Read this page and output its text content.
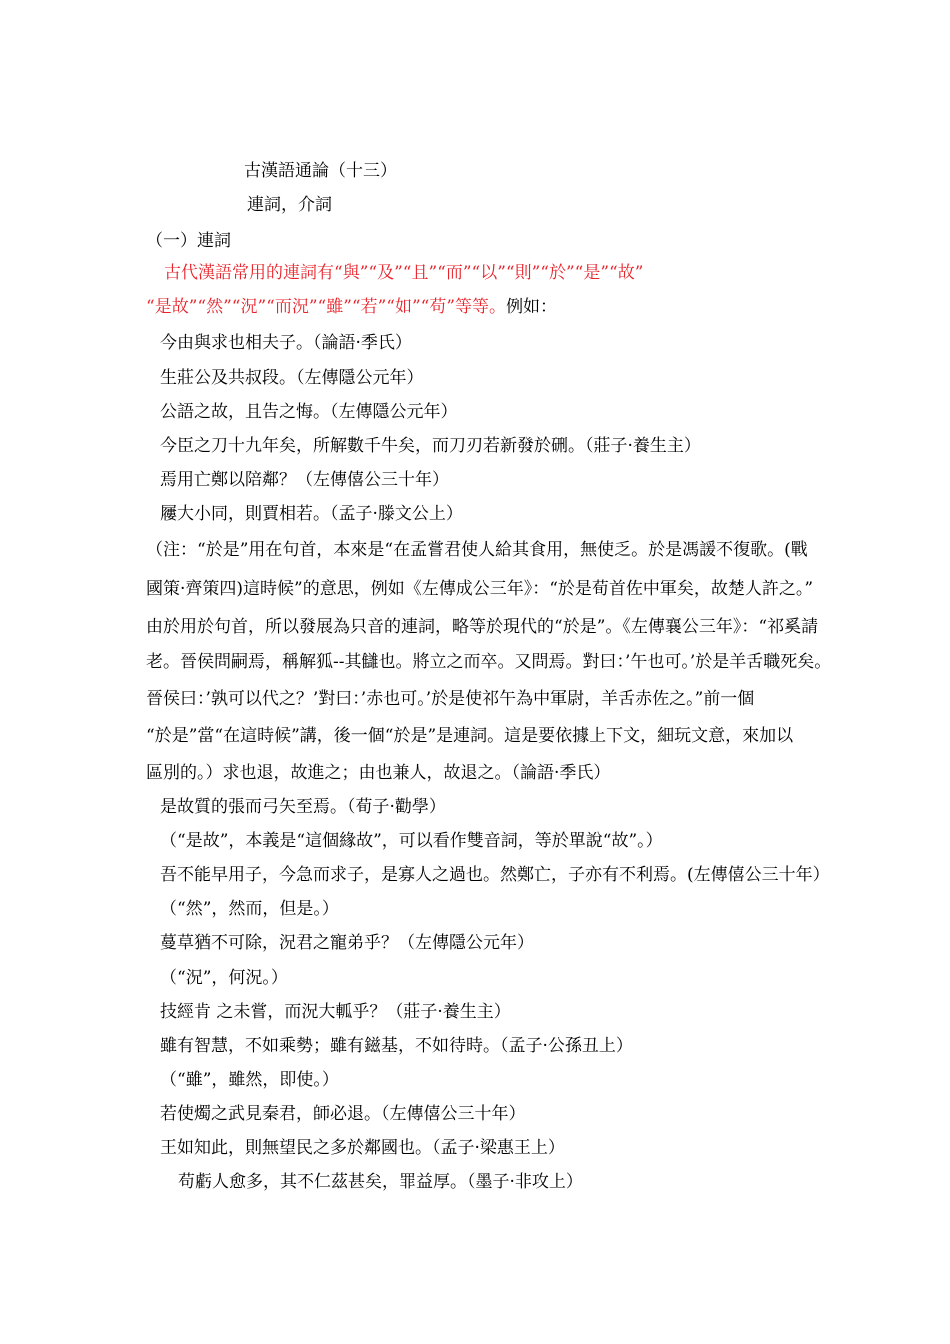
古漢語通論（十三）
連詞，介詞
（一）連詞
古代漢語常用的連詞有“與”“及”“且”“而”“以”“則”“於”“是”“故”
“是故”“然”“況”“而況”“雖”“若”“如”“苟”等等。例如：
今由與求也相夫子。（論語·季氏）
生莊公及共叔段。（左傳隱公元年）
公語之故，且告之悔。（左傳隱公元年）
今臣之刀十九年矣，所解數千牛矣，而刀刃若新發於硎。（莊子·養生主）
焉用亡鄭以陪鄰？（左傳僖公三十年）
屨大小同，則賈相若。（孟子·滕文公上）
（注：“於是”用在句首，本來是“在孟嘗君使人給其食用，無使乏。於是馮諼不復歌。(戰
國策·齊策四)這時候”的意思，例如《左傳成公三年》：“於是荀首佐中軍矣，故楚人許之。”
由於用於句首，所以發展為只音的連詞，略等於現代的“於是”。《左傳襄公三年》：“祁奚請
老。晉侯問嗣焉，稱解狐--其讎也。將立之而卒。又問焉。對曰：’午也可。’於是羊舌職死矣。
晉侯曰：’孰可以代之？’對曰：’赤也可。’於是使祁午為中軍尉，羊舌赤佐之。”前一個
“於是”當“在這時候”講，後一個“於是”是連詞。這是要依據上下文，細玩文意，來加以
區別的。）求也退，故進之；由也兼人，故退之。（論語·季氏）
是故質的張而弓矢至焉。（荀子·勸學）
（“是故”，本義是“這個緣故”，可以看作雙音詞，等於單說“故”。）
吾不能早用子，今急而求子，是寡人之過也。然鄭亡，子亦有不利焉。(左傳僖公三十年）
（“然”，然而，但是。）
蔓草猶不可除，況君之寵弟乎？（左傳隱公元年）
（“況”，何況。）
技經肯 之未嘗，而況大軱乎？（莊子·養生主）
雖有智慧，不如乘勢；雖有鎡基，不如待時。（孟子·公孫丑上）
（“雖”，雖然，即使。）
若使燭之武見秦君，師必退。（左傳僖公三十年）
王如知此，則無望民之多於鄰國也。（孟子·梁惠王上）
苟虧人愈多，其不仁茲甚矣，罪益厚。（墨子·非攻上）
